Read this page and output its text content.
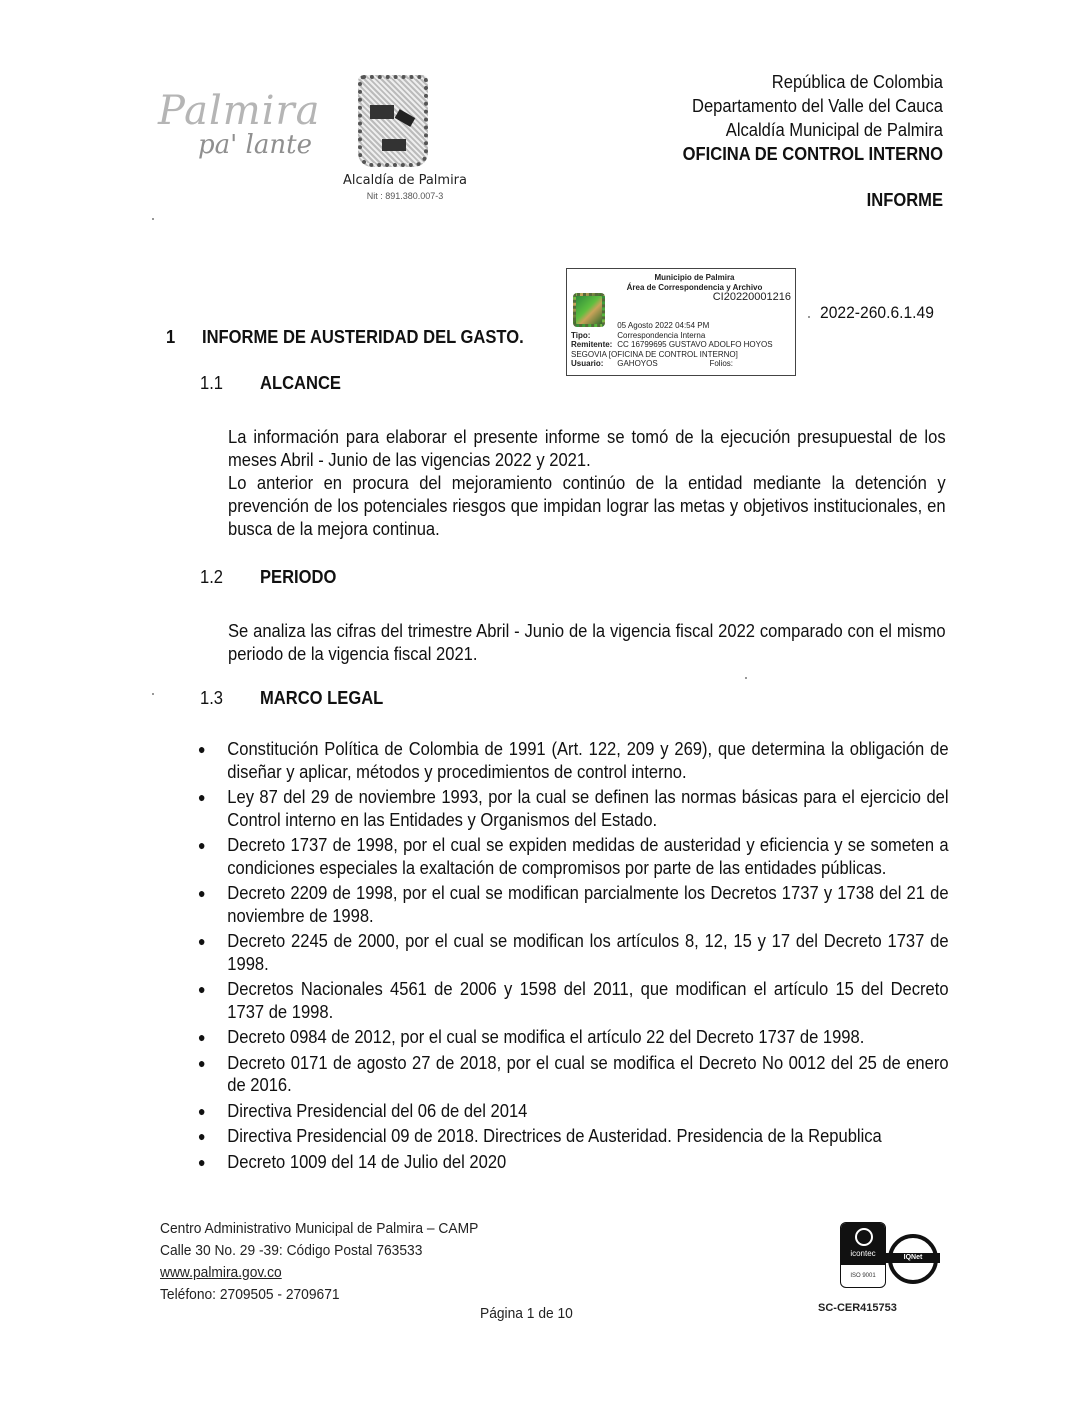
Palmira
pa' lante
Alcaldía de Palmira
Nit : 891.380.007-3
República de Colombia
Departamento del Valle del Cauca
Alcaldía Municipal de Palmira
OFICINA DE CONTROL INTERNO
INFORME
Municipio de Palmira
Área de Correspondencia y Archivo
CI20220001216
05 Agosto 2022 04:54 PM
Tipo:	Correspondencia Interna
Remitente: CC 16799695 GUSTAVO ADOLFO HOYOS
SEGOVIA [OFICINA DE CONTROL INTERNO]
Usuario: GAHOYOS	Folios:
2022-260.6.1.49
1 INFORME DE AUSTERIDAD DEL GASTO.
1.1 ALCANCE

La información para elaborar el presente informe se tomó de la ejecución presupuestal de los meses Abril - Junio de las vigencias 2022 y 2021.

Lo anterior en procura del mejoramiento continúo de la entidad mediante la detención y prevención de los potenciales riesgos que impidan lograr las metas y objetivos institucionales, en busca de la mejora continua.

1.2 PERIODO

Se analiza las cifras del trimestre Abril - Junio de la vigencia fiscal 2022 comparado con el mismo periodo de la vigencia fiscal 2021.

1.3 MARCO LEGAL
● Constitución Política de Colombia de 1991 (Art. 122, 209 y 269), que determina la obligación de diseñar y aplicar, métodos y procedimientos de control interno.
● Ley 87 del 29 de noviembre 1993, por la cual se definen las normas básicas para el ejercicio del Control interno en las Entidades y Organismos del Estado.
● Decreto 1737 de 1998, por el cual se expiden medidas de austeridad y eficiencia y se someten a condiciones especiales la exaltación de compromisos por parte de las entidades públicas.
● Decreto 2209 de 1998, por el cual se modifican parcialmente los Decretos 1737 y 1738 del 21 de noviembre de 1998.
● Decreto 2245 de 2000, por el cual se modifican los artículos 8, 12, 15 y 17 del Decreto 1737 de 1998.
● Decretos Nacionales 4561 de 2006 y 1598 del 2011, que modifican el artículo 15 del Decreto 1737 de 1998.
● Decreto 0984 de 2012, por el cual se modifica el artículo 22 del Decreto 1737 de 1998.
● Decreto 0171 de agosto 27 de 2018, por el cual se modifica el Decreto No 0012 del 25 de enero de 2016.
● Directiva Presidencial del 06 de del 2014
● Directiva Presidencial 09 de 2018. Directrices de Austeridad. Presidencia de la Republica
● Decreto 1009 del 14 de Julio del 2020
Centro Administrativo Municipal de Palmira – CAMP
Calle 30 No. 29 -39: Código Postal 763533
www.palmira.gov.co
Teléfono: 2709505 - 2709671
Página 1 de 10
icontec
ISO 9001
IQNet
SC-CER415753
